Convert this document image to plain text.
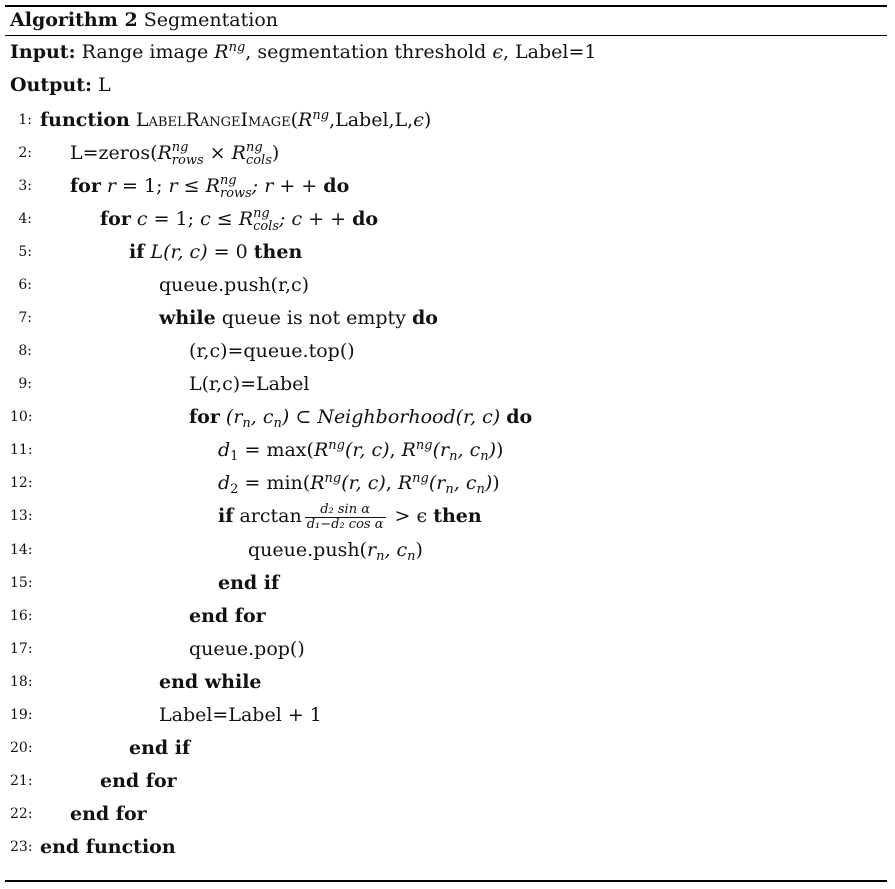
Algorithm 2 Segmentation
Input: Range image $R^{ng}$, segmentation threshold ϵ, Label=1
Output: L
1: function $LabelRangeImage(R^{ng},Label,L,\epsilon)$
2: L=zeros(R ng
rows × R ng
cols )
3: for r = 1; r ≤ R ng
rows ; r + + do
4:	for c = 1; c ≤ R ng
cols ; c + + do
5:	if L(r, c) = 0 then
6:	queue.push(r,c)
7:	while queue is not empty do
8:	(r,c)=queue.top()
9:	L(r,c)=Label
10:	for ($r_n$, $c_n$) ⊂ Neighborhood(r, c) do
11:	$d_1 = \max(R^{ng}(r$, c), $R^{ng}(r_n$, $c_n$))
12:	$d_2 = \min(R^{ng}(r$, c), $R^{ng}(r_n$, $c_n$))
13:	if $\arctan \frac{\text{d₂ sin α}}{\text{d₁−d₂ cos α}} > \epsilon$ then
14:	$queue.push(r_n$, $c_n$)
15:	end if
16:	end for
17:	queue.pop()
18:	end while
19:	Label=Label + 1
20:	end if
21:	end for
22: end for
23: end function
